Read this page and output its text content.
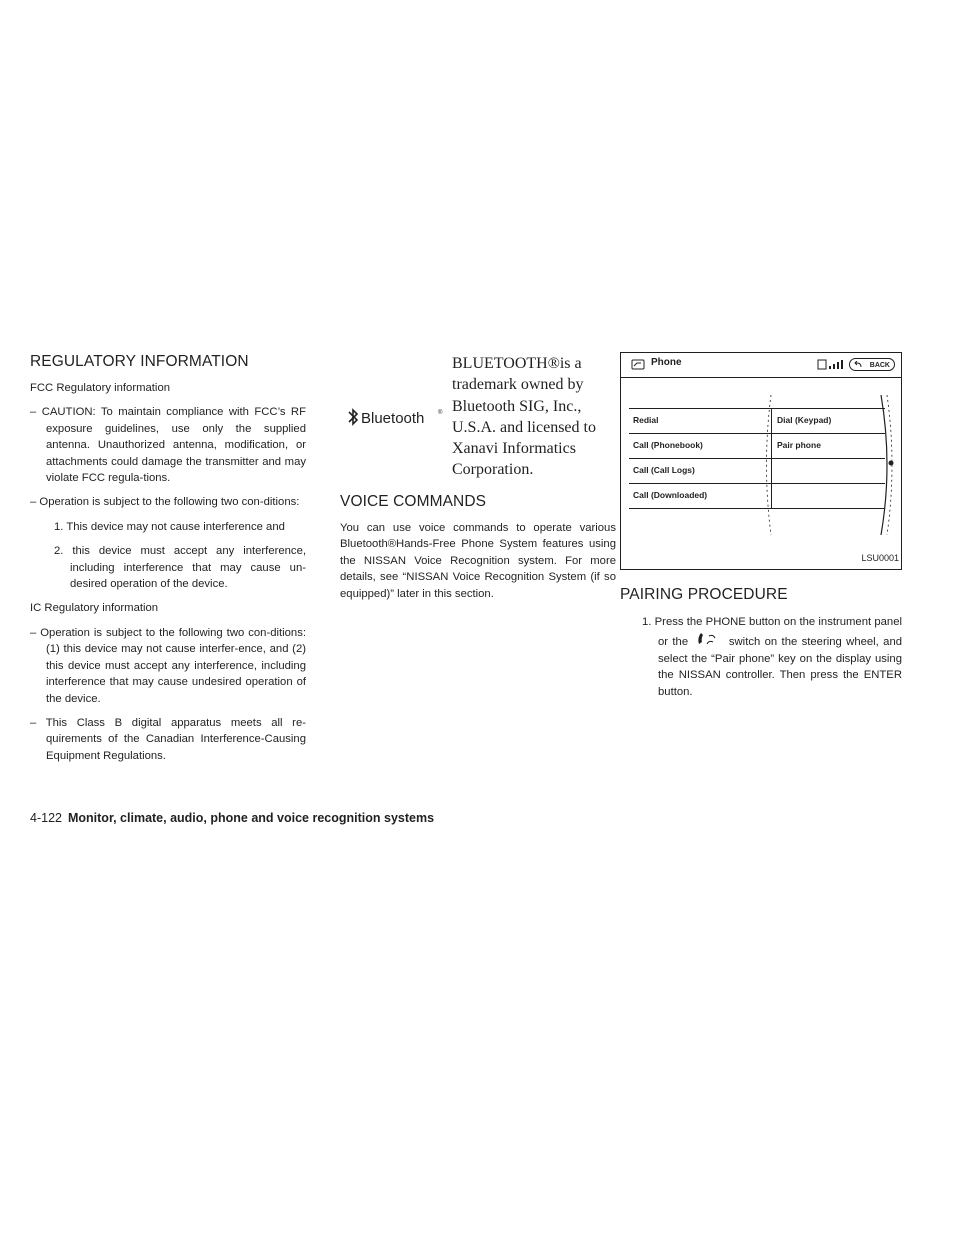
REGULATORY INFORMATION

FCC Regulatory information

– CAUTION: To maintain compliance with FCC’s RF exposure guidelines, use only the supplied antenna. Unauthorized antenna, modification, or attachments could damage the transmitter and may violate FCC regula-tions.

– Operation is subject to the following two con-ditions:

1. This device may not cause interference and

2. this device must accept any interference, including interference that may cause un-desired operation of the device.

IC Regulatory information

– Operation is subject to the following two con-ditions: (1) this device may not cause interfer-ence, and (2) this device must accept any interference, including interference that may cause undesired operation of the device.

– This Class B digital apparatus meets all re-quirements of the Canadian Interference-Causing Equipment Regulations.

Bluetooth ®
BLUETOOTH®is a trademark owned by Bluetooth SIG, Inc., U.S.A. and licensed to Xanavi Informatics Corporation.
VOICE COMMANDS

You can use voice commands to operate various Bluetooth®Hands-Free Phone System features using the NISSAN Voice Recognition system. For more details, see “NISSAN Voice Recognition System (if so equipped)” later in this section.

Phone	BACK
Redial	Dial (Keypad)
Call (Phonebook)	Pair phone
Call (Call Logs)
Call (Downloaded)
LSU0001
PAIRING PROCEDURE

1. Press the PHONE button on the instrument panel or the	switch on the steering wheel, and select the “Pair phone” key on the display using the NISSAN controller. Then press the ENTER button.

4-122 Monitor, climate, audio, phone and voice recognition systems
